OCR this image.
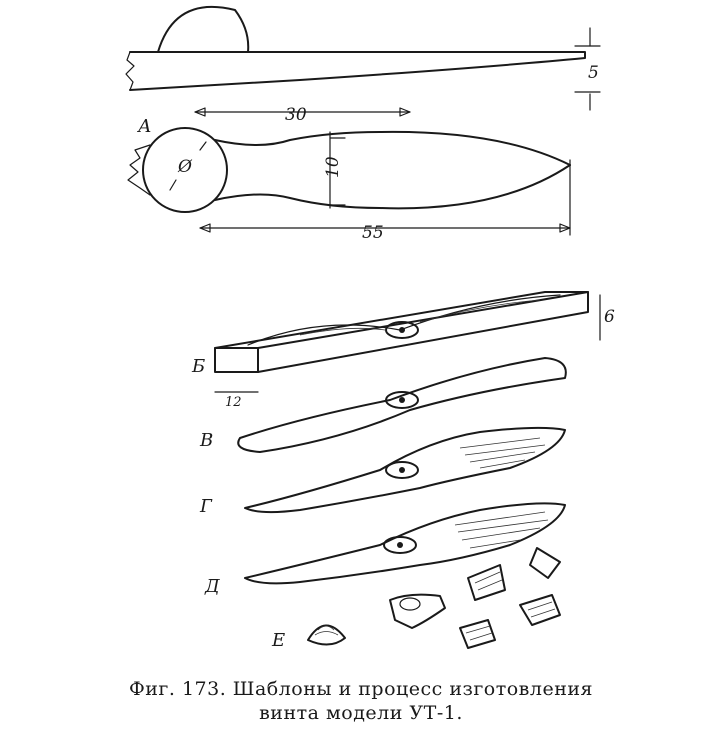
30
5
А
10
55
Ø
6
12
Б
В
Г
Д
Е
Фиг. 173. Шаблоны и процесс изготовления
винта модели УТ-1.
